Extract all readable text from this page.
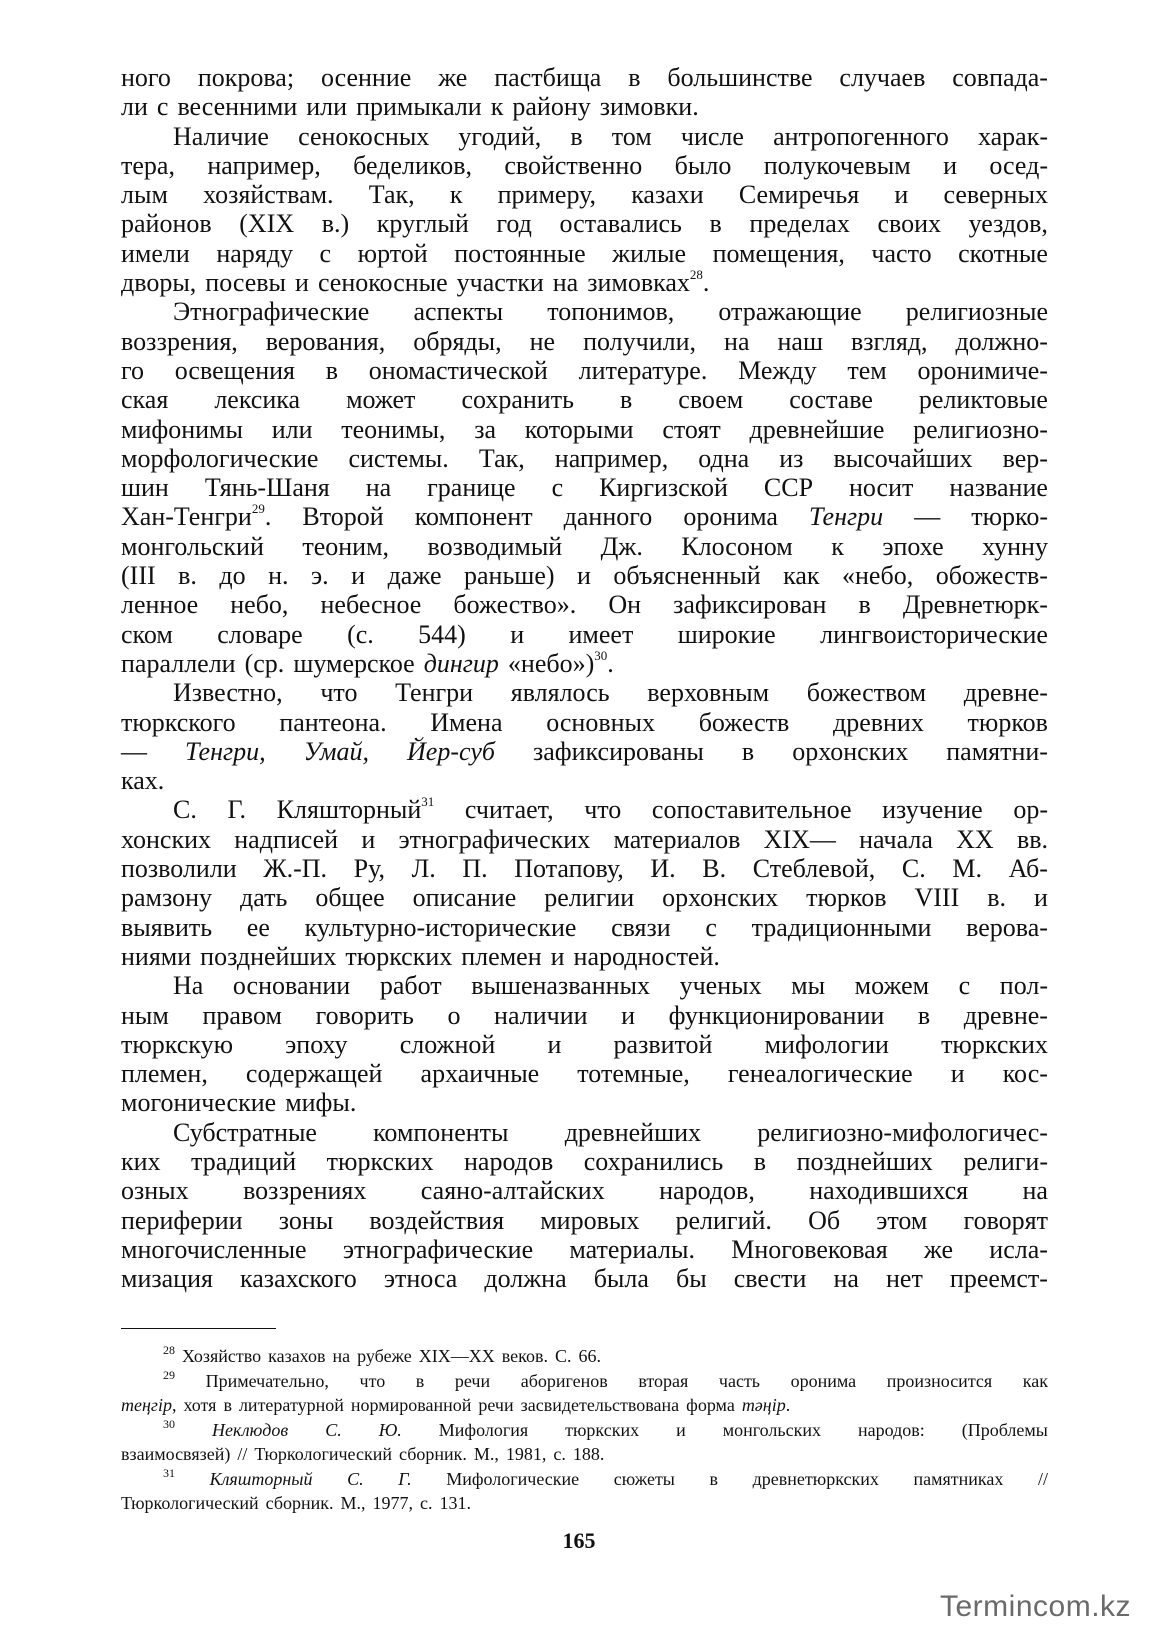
ного покрова; осенние же пастбища в большинстве случаев совпада-
ли с весенними или примыкали к району зимовки.
Наличие сенокосных угодий, в том числе антропогенного харак-
тера, например, беделиков, свойственно было полукочевым и осед-
лым хозяйствам. Так, к примеру, казахи Семиречья и северных
районов (XIX в.) круглый год оставались в пределах своих уездов,
имели наряду с юртой постоянные жилые помещения, часто скотные
дворы, посевы и сенокосные участки на зимовках$^{28}$.
Этнографические аспекты топонимов, отражающие религиозные
воззрения, верования, обряды, не получили, на наш взгляд, должно-
го освещения в ономастической литературе. Между тем оронимиче-
ская лексика может сохранить в своем составе реликтовые
мифонимы или теонимы, за которыми стоят древнейшие религиозно-
морфологические системы. Так, например, одна из высочайших вер-
шин Тянь-Шаня на границе с Киргизской ССР носит название
Хан-Тенгри$^{29}$. Второй компонент данного оронима Тенгри — тюрко-
монгольский теоним, возводимый Дж. Клосоном к эпохе хунну
(III в. до н. э. и даже раньше) и объясненный как «небо, обожеств-
ленное небо, небесное божество». Он зафиксирован в Древнетюрк-
ском словаре (с. 544) и имеет широкие лингвоисторические
параллели (ср. шумерское дингир «небо»)$^{30}$.
Известно, что Тенгри являлось верховным божеством древне-
тюркского пантеона. Имена основных божеств древних тюрков
— Тенгри, Умай, Йер-суб зафиксированы в орхонских памятни-
ках.
С. Г. Кляшторный$^{31}$ считает, что сопоставительное изучение ор-
хонских надписей и этнографических материалов XIX— начала XX вв.
позволили Ж.-П. Ру, Л. П. Потапову, И. В. Стеблевой, С. М. Аб-
рамзону дать общее описание религии орхонских тюрков VIII в. и
выявить ее культурно-исторические связи с традиционными верова-
ниями позднейших тюркских племен и народностей.
На основании работ вышеназванных ученых мы можем с пол-
ным правом говорить о наличии и функционировании в древне-
тюркскую эпоху сложной и развитой мифологии тюркских
племен, содержащей архаичные тотемные, генеалогические и кос-
могонические мифы.
Субстратные компоненты древнейших религиозно-мифологичес-
ких традиций тюркских народов сохранились в позднейших религи-
озных воззрениях саяно-алтайских народов, находившихся на
периферии зоны воздействия мировых религий. Об этом говорят
многочисленные этнографические материалы. Многовековая же исла-
мизация казахского этноса должна была бы свести на нет преемст-
$^{28}$ Хозяйство казахов на рубеже XIX—XX веков. С. 66.
$^{29}$ Примечательно, что в речи аборигенов вторая часть оронима произносится как
теңгір, хотя в литературной нормированной речи засвидетельствована форма тәңір.
$^{30}$ Неклюдов С. Ю. Мифология тюркских и монгольских народов: (Проблемы
взаимосвязей) // Тюркологический сборник. М., 1981, с. 188.
$^{31}$ Кляшторный С. Г. Мифологические сюжеты в древнетюркских памятниках //
Тюркологический сборник. М., 1977, с. 131.
165
Termincom.kz
